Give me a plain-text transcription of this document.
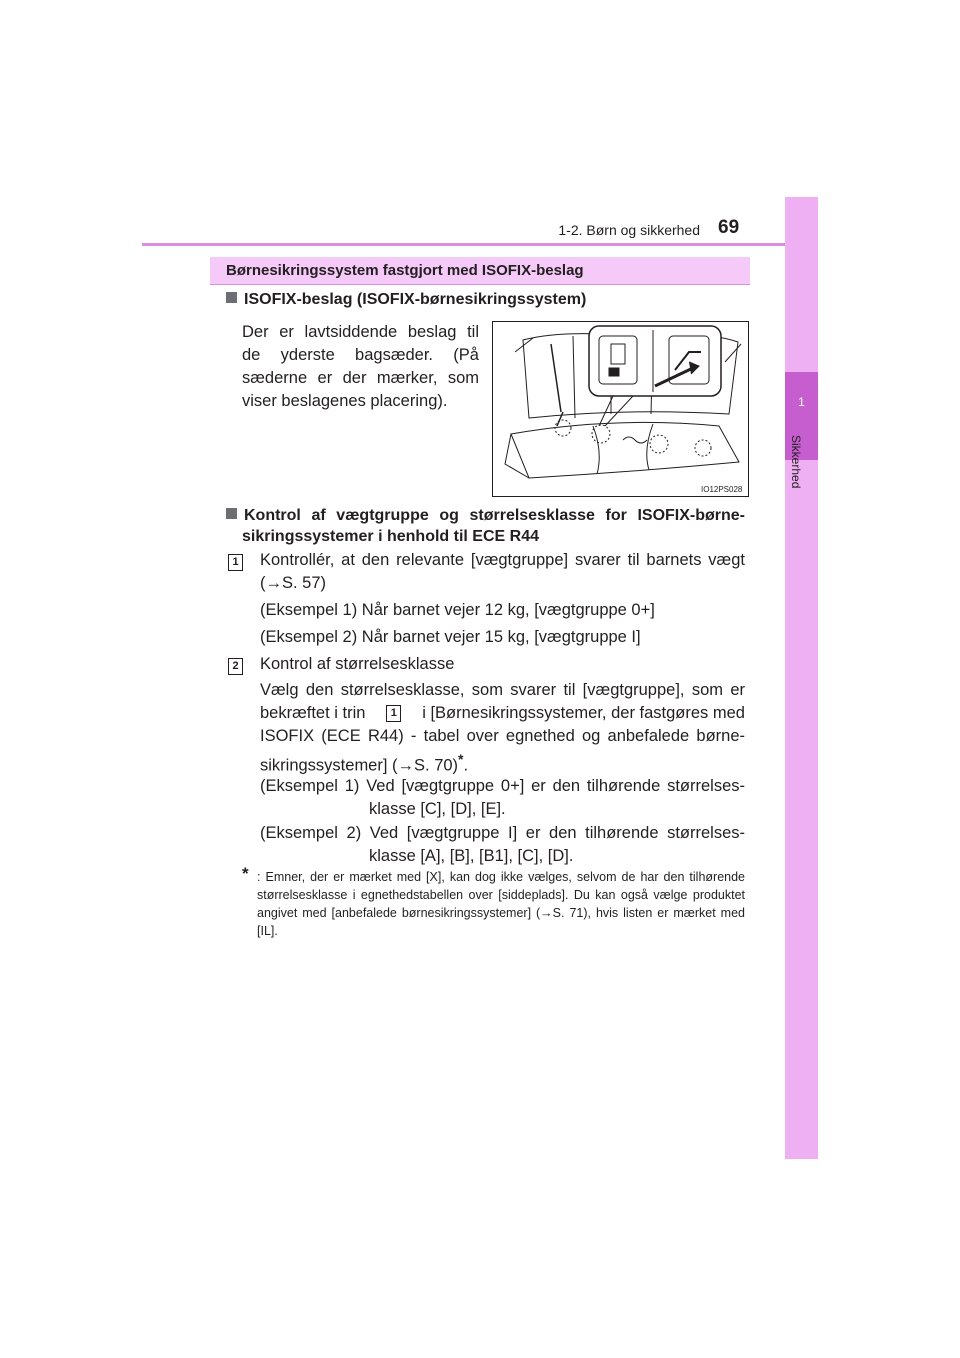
1-2. Børn og sikkerhed 69
1
Sikkerhed
Børnesikringssystem fastgjort med ISOFIX-beslag
ISOFIX-beslag (ISOFIX-børnesikringssystem)
Der er lavtsiddende beslag til
de yderste bagsæder. (På
sæderne er der mærker, som
viser beslagenes placering).
IO12PS028
Kontrol af vægtgruppe og størrelsesklasse for ISOFIX-børne-
sikringssystemer i henhold til ECE R44
1 Kontrollér, at den relevante [vægtgruppe] svarer til barnets vægt
(→S. 57)
(Eksempel 1) Når barnet vejer 12 kg, [vægtgruppe 0+]
(Eksempel 2) Når barnet vejer 15 kg, [vægtgruppe I]
2 Kontrol af størrelsesklasse
Vælg den størrelsesklasse, som svarer til [vægtgruppe], som er
bekræftet i trin	1 i [Børnesikringssystemer, der fastgøres med
ISOFIX (ECE R44) - tabel over egnethed og anbefalede børne-
sikringssystemer] (→S. 70)*.
(Eksempel 1) Ved [vægtgruppe 0+] er den tilhørende størrelses-
klasse [C], [D], [E].
(Eksempel 2) Ved [vægtgruppe I] er den tilhørende størrelses-
klasse [A], [B], [B1], [C], [D].
* : Emner, der er mærket med [X], kan dog ikke vælges, selvom de har den tilhørende størrelsesklasse i egnethedstabellen over [siddeplads]. Du kan også vælge produktet angivet med [anbefalede børnesikringssystemer] (→S. 71), hvis listen er mærket med [IL].
